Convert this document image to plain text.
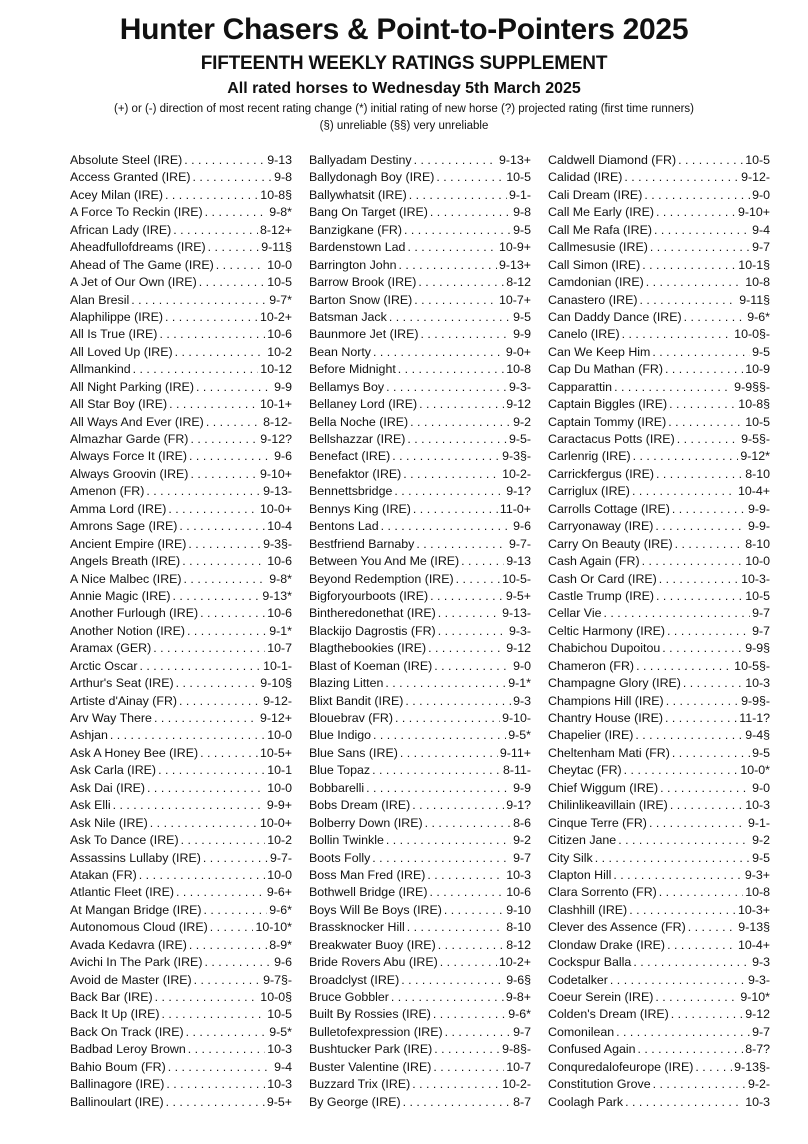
Hunter Chasers & Point-to-Pointers 2025
FIFTEENTH WEEKLY RATINGS SUPPLEMENT
All rated horses to Wednesday 5th March 2025
(+) or (-) direction of most recent rating change (*) initial rating of new horse (?) projected rating (first time runners)
(§) unreliable (§§) very unreliable
Absolute Steel (IRE) . . .	9-13
Access Granted (IRE) . . .	9-8
Acey Milan (IRE) . . .	10-8§
A Force To Reckin (IRE) . . .	9-8*
African Lady (IRE) . . .	8-12+
Aheadfullofdreams (IRE) . . .	9-11§
Ahead of The Game (IRE) . . .	10-0
A Jet of Our Own (IRE) . . .	10-5
Alan Bresil . . .	9-7*
Alaphilippe (IRE) . . .	10-2+
All Is True (IRE) . . .	10-6
All Loved Up (IRE) . . .	10-2
Allmankind . . .	10-12
All Night Parking (IRE) . . .	9-9
All Star Boy (IRE) . . .	10-1+
All Ways And Ever (IRE) . . .	8-12-
Almazhar Garde (FR) . . .	9-12?
Always Force It (IRE) . . .	9-6
Always Groovin (IRE) . . .	9-10+
Amenon (FR) . . .	9-13-
Amma Lord (IRE) . . .	10-0+
Amrons Sage (IRE) . . .	10-4
Ancient Empire (IRE) . . .	9-3§-
Angels Breath (IRE) . . .	10-6
A Nice Malbec (IRE) . . .	9-8*
Annie Magic (IRE) . . .	9-13*
Another Furlough (IRE) . . .	10-6
Another Notion (IRE) . . .	9-1*
Aramax (GER) . . .	10-7
Arctic Oscar . . .	10-1-
Arthur's Seat (IRE) . . .	9-10§
Artiste d'Ainay (FR) . . .	9-12-
Arv Way There . . .	9-12+
Ashjan . . .	10-0
Ask A Honey Bee (IRE) . . .	10-5+
Ask Carla (IRE) . . .	10-1
Ask Dai (IRE) . . .	10-0
Ask Elli . . .	9-9+
Ask Nile (IRE) . . .	10-0+
Ask To Dance (IRE) . . .	10-2
Assassins Lullaby (IRE) . . .	9-7-
Atakan (FR) . . .	10-0
Atlantic Fleet (IRE) . . .	9-6+
At Mangan Bridge (IRE) . . .	9-6*
Autonomous Cloud (IRE) . . .	10-10*
Avada Kedavra (IRE) . . .	8-9*
Avichi In The Park (IRE) . . .	9-6
Avoid de Master (IRE) . . .	9-7§-
Back Bar (IRE) . . .	10-0§
Back It Up (IRE) . . .	10-5
Back On Track (IRE) . . .	9-5*
Badbad Leroy Brown . . .	10-3
Bahio Boum (FR) . . .	9-4
Ballinagore (IRE) . . .	10-3
Ballinoulart (IRE) . . .	9-5+
Ballyadam Destiny . . .	9-13+
Ballydonagh Boy (IRE) . . .	10-5
Ballywhatsit (IRE) . . .	9-1-
Bang On Target (IRE) . . .	9-8
Banzigkane (FR) . . .	9-5
Bardenstown Lad . . .	10-9+
Barrington John . . .	9-13+
Barrow Brook (IRE) . . .	8-12
Barton Snow (IRE) . . .	10-7+
Batsman Jack . . .	9-5
Baunmore Jet (IRE) . . .	9-9
Bean Norty . . .	9-0+
Before Midnight . . .	10-8
Bellamys Boy . . .	9-3-
Bellaney Lord (IRE) . . .	9-12
Bella Noche (IRE) . . .	9-2
Bellshazzar (IRE) . . .	9-5-
Benefact (IRE) . . .	9-3§-
Benefaktor (IRE) . . .	10-2-
Bennettsbridge . . .	9-1?
Bennys King (IRE) . . .	11-0+
Bentons Lad . . .	9-6
Bestfriend Barnaby . . .	9-7-
Between You And Me (IRE) . . .	9-13
Beyond Redemption (IRE) . . .	10-5-
Bigforyourboots (IRE) . . .	9-5+
Bintheredonethat (IRE) . . .	9-13-
Blackijo Dagrostis (FR) . . .	9-3-
Blagthebookies (IRE) . . .	9-12
Blast of Koeman (IRE) . . .	9-0
Blazing Litten . . .	9-1*
Blixt Bandit (IRE) . . .	9-3
Blouebrav (FR) . . .	9-10-
Blue Indigo . . .	9-5*
Blue Sans (IRE) . . .	9-11+
Blue Topaz . . .	8-11-
Bobbarelli . . .	9-9
Bobs Dream (IRE) . . .	9-1?
Bolberry Down (IRE) . . .	8-6
Bollin Twinkle . . .	9-2
Boots Folly . . .	9-7
Boss Man Fred (IRE) . . .	10-3
Bothwell Bridge (IRE) . . .	10-6
Boys Will Be Boys (IRE) . . .	9-10
Brassknocker Hill . . .	8-10
Breakwater Buoy (IRE) . . .	8-12
Bride Rovers Abu (IRE) . . .	10-2+
Broadclyst (IRE) . . .	9-6§
Bruce Gobbler . . .	9-8+
Built By Rossies (IRE) . . .	9-6*
Bulletofexpression (IRE) . . .	9-7
Bushtucker Park (IRE) . . .	9-8§-
Buster Valentine (IRE) . . .	10-7
Buzzard Trix (IRE) . . .	10-2-
By George (IRE) . . .	8-7
Caldwell Diamond (FR) . . .	10-5
Calidad (IRE) . . .	9-12-
Cali Dream (IRE) . . .	9-0
Call Me Early (IRE) . . .	9-10+
Call Me Rafa (IRE) . . .	9-4
Callmesusie (IRE) . . .	9-7
Call Simon (IRE) . . .	10-1§
Camdonian (IRE) . . .	10-8
Canastero (IRE) . . .	9-11§
Can Daddy Dance (IRE) . . .	9-6*
Canelo (IRE) . . .	10-0§-
Can We Keep Him . . .	9-5
Cap Du Mathan (FR) . . .	10-9
Capparattin . . .	9-9§§-
Captain Biggles (IRE) . . .	10-8§
Captain Tommy (IRE) . . .	10-5
Caractacus Potts (IRE) . . .	9-5§-
Carlenrig (IRE) . . .	9-12*
Carrickfergus (IRE) . . .	8-10
Carriglux (IRE) . . .	10-4+
Carrolls Cottage (IRE) . . .	9-9-
Carryonaway (IRE) . . .	9-9-
Carry On Beauty (IRE) . . .	8-10
Cash Again (FR) . . .	10-0
Cash Or Card (IRE) . . .	10-3-
Castle Trump (IRE) . . .	10-5
Cellar Vie . . .	9-7
Celtic Harmony (IRE) . . .	9-7
Chabichou Dupoitou . . .	9-9§
Chameron (FR) . . .	10-5§-
Champagne Glory (IRE) . . .	10-3
Champions Hill (IRE) . . .	9-9§-
Chantry House (IRE) . . .	11-1?
Chapelier (IRE) . . .	9-4§
Cheltenham Mati (FR) . . .	9-5
Cheytac (FR) . . .	10-0*
Chief Wiggum (IRE) . . .	9-0
Chilinlikeavillain (IRE) . . .	10-3
Cinque Terre (FR) . . .	9-1-
Citizen Jane . . .	9-2
City Silk . . .	9-5
Clapton Hill . . .	9-3+
Clara Sorrento (FR) . . .	10-8
Clashhill (IRE) . . .	10-3+
Clever des Assence (FR) . . .	9-13§
Clondaw Drake (IRE) . . .	10-4+
Cockspur Balla . . .	9-3
Codetalker . . .	9-3-
Coeur Serein (IRE) . . .	9-10*
Colden's Dream (IRE) . . .	9-12
Comonilean . . .	9-7
Confused Again . . .	8-7?
Conquredalofeurope (IRE) . . .	9-13§-
Constitution Grove . . .	9-2-
Coolagh Park . . .	10-3
